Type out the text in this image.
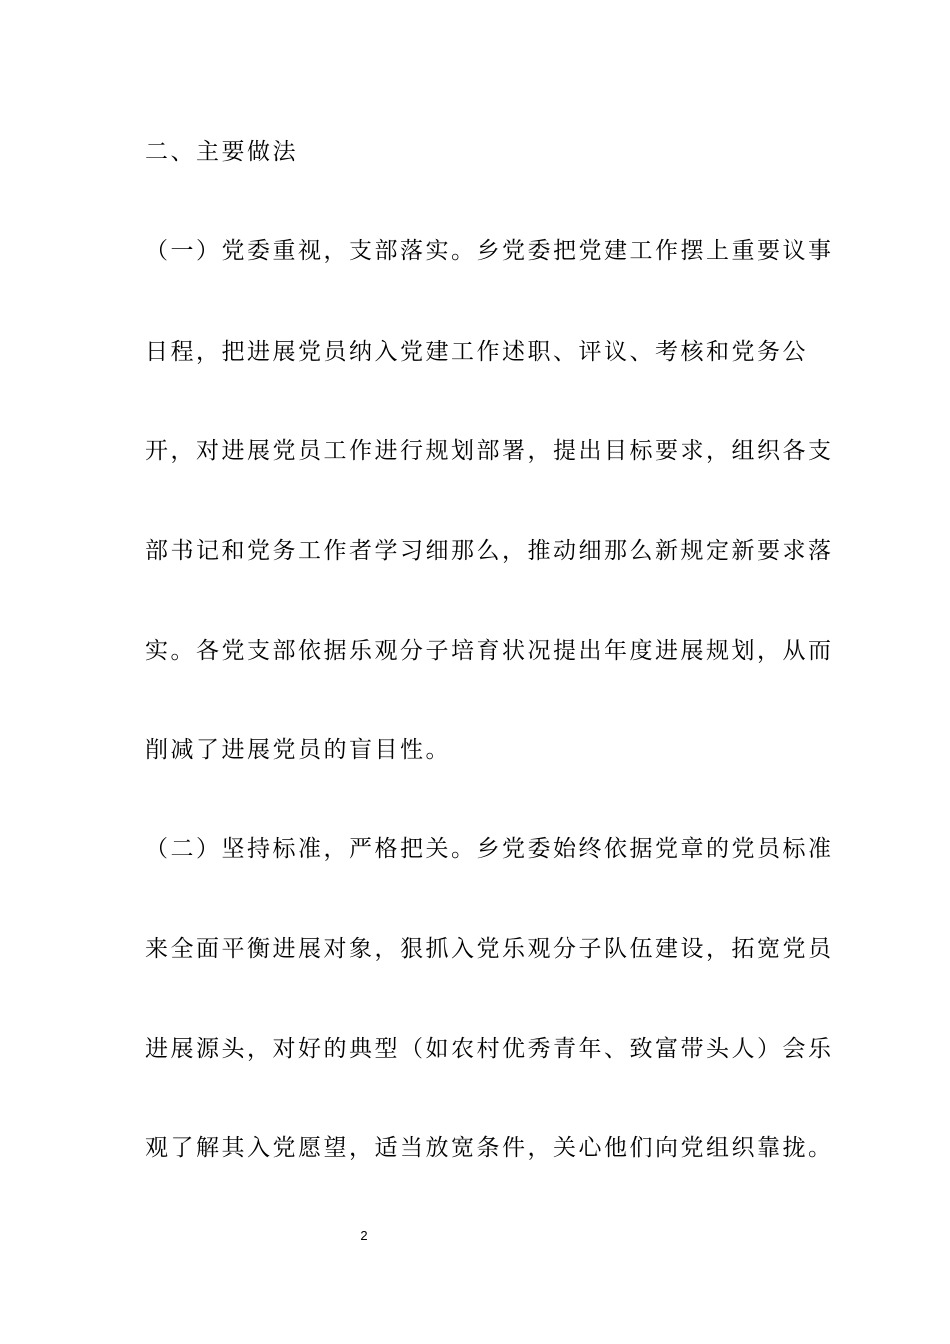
二、主要做法
（一）党委重视，支部落实。乡党委把党建工作摆上重要议事
日程，把进展党员纳入党建工作述职、评议、考核和党务公
开，对进展党员工作进行规划部署，提出目标要求，组织各支
部书记和党务工作者学习细那么，推动细那么新规定新要求落
实。各党支部依据乐观分子培育状况提出年度进展规划，从而
削减了进展党员的盲目性。
（二）坚持标准，严格把关。乡党委始终依据党章的党员标准
来全面平衡进展对象，狠抓入党乐观分子队伍建设，拓宽党员
进展源头，对好的典型（如农村优秀青年、致富带头人）会乐
观了解其入党愿望，适当放宽条件，关心他们向党组织靠拢。
2
